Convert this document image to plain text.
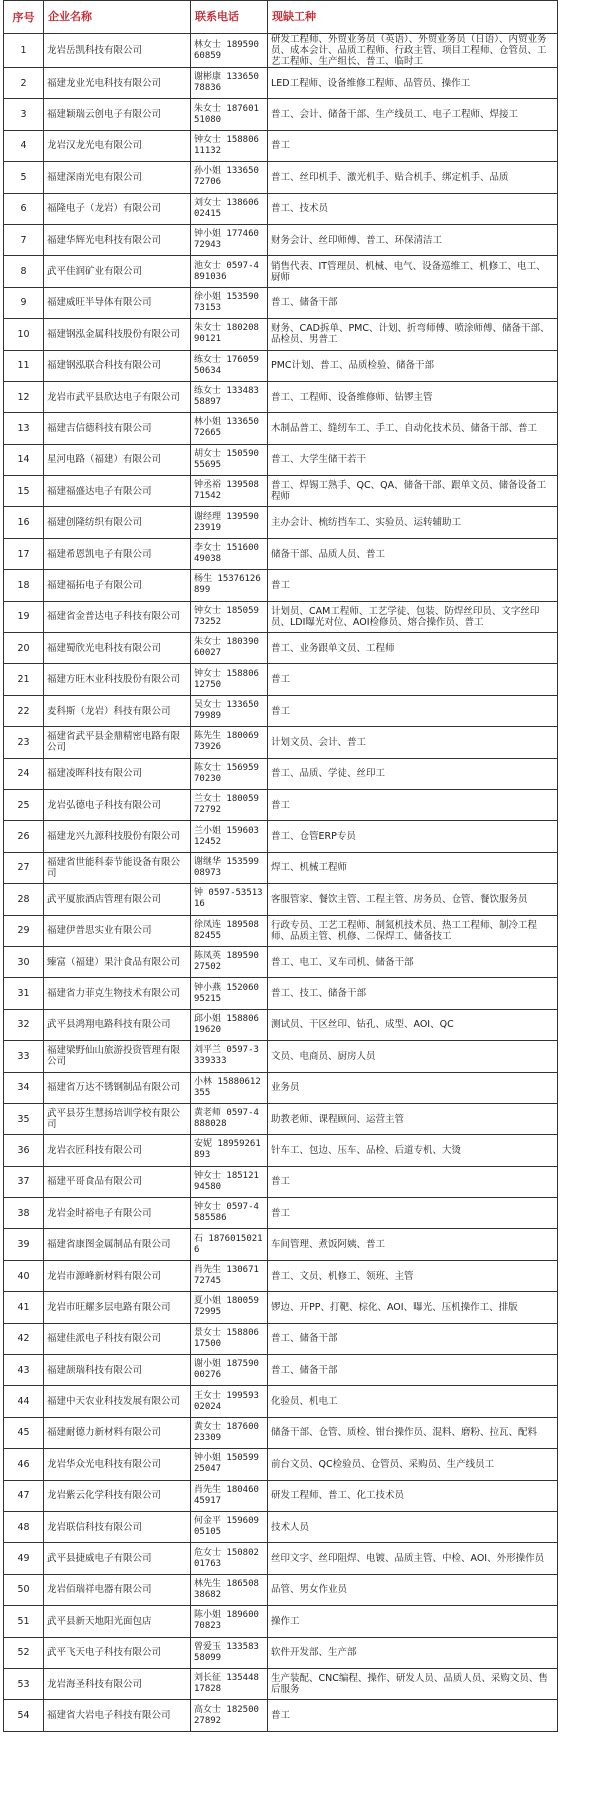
序号	企业名称	联系电话	现缺工种
1	龙岩岳凯科技有限公司	林女士 18959060859	研发工程师、外贸业务员（英语）、外贸业务员（日语）、内贸业务员、成本会计、品质工程师、行政主管、项目工程师、仓管员、工艺工程师、生产组长、普工、临时工
2	福建龙业光电科技有限公司	谢彬康 13365078836	LED工程师、设备维修工程师、品管员、操作工
3	福建颖瑞云创电子有限公司	朱女士 18760151080	普工、会计、储备干部、生产线员工、电子工程师、焊接工
4	龙岩汉龙光电有限公司	钟女士 15880611132	普工
5	福建深南光电有限公司	孙小姐 13365072706	普工、丝印机手、激光机手、贴合机手、绑定机手、品质
6	福隆电子（龙岩）有限公司	刘女士 13860602415	普工、技术员
7	福建华辉光电科技有限公司	钟小姐 17746072943	财务会计、丝印师傅、普工、环保清洁工
8	武平佳润矿业有限公司	池女士 0597-4891036	销售代表、IT管理员、机械、电气、设备巡维工、机修工、电工、厨师
9	福建威旺半导体有限公司	徐小姐 15359073153	普工、储备干部
10	福建钢泓金属科技股份有限公司	朱女士 18020890121	财务、CAD拆单、PMC、计划、折弯师傅、喷涂师傅、储备干部、品检员、男普工
11	福建钢泓联合科技有限公司	练女士 17605950634	PMC计划、普工、品质检验、储备干部
12	龙岩市武平县欣达电子有限公司	练女士 13348358897	普工、工程师、设备维修师、钻锣主管
13	福建吉信德科技有限公司	林小姐 13365072665	木制品普工、缝纫车工、手工、自动化技术员、储备干部、普工
14	星河电路（福建）有限公司	胡女士 15059055695	普工、大学生储干若干
15	福建福盛达电子有限公司	钟丞裕 13950871542	普工、焊锡工熟手、QC、QA、储备干部、跟单文员、储备设备工程师
16	福建创隆纺织有限公司	谢经理 13959023919	主办会计、梳纺挡车工、实验员、运转辅助工
17	福建希恩凯电子有限公司	李女士 15160049038	储备干部、品质人员、普工
18	福建福拓电子有限公司	杨生 15376126899	普工
19	福建省金普达电子科技有限公司	钟女士 18505973252	计划员、CAM工程师、工艺学徒、包装、防焊丝印员、文字丝印员、LDI曝光对位、AOI检修员、熔合操作员、普工
20	福建蜀欣光电科技有限公司	朱女士 18039060027	普工、业务跟单文员、工程师
21	福建方旺木业科技股份有限公司	钟女士 15880612750	普工
22	麦科斯（龙岩）科技有限公司	吴女士 13365079989	普工
23	福建省武平县金鼎精密电路有限公司	陈先生 18006973926	计划文员、会计、普工
24	福建凌晖科技有限公司	陈女士 15695970230	普工、品质、学徒、丝印工
25	龙岩弘德电子科技有限公司	兰女士 18005972792	普工
26	福建龙兴九源科技股份有限公司	兰小姐 15960312452	普工、仓管ERP专员
27	福建省世能科泰节能设备有限公司	谢继华 15359908973	焊工、机械工程师
28	武平厦旅酒店管理有限公司	钟 0597-5351316	客服管家、餐饮主管、工程主管、房务员、仓管、餐饮服务员
29	福建伊普思实业有限公司	徐凤连 18950882455	行政专员、工艺工程师、制氮机技术员、热工工程师、制冷工程师、品质主管、机修、二保焊工、储备技工
30	臻富（福建）果汁食品有限公司	陈凤英 18959027502	普工、电工、叉车司机、储备干部
31	福建省力菲克生物技术有限公司	钟小燕 15206095215	普工、技工、储备干部
32	武平县鸿翔电路科技有限公司	邱小姐 15880619620	测试员、干区丝印、钻孔、成型、AOI、QC
33	福建梁野仙山旅游投资管理有限公司	刘平兰 0597-3339333	文员、电商员、厨房人员
34	福建省万达不锈钢制品有限公司	小林 15880612355	业务员
35	武平县芬生慧扬培训学校有限公司	黄老师 0597-4888028	助教老师、课程顾问、运营主管
36	龙岩衣匠科技有限公司	安妮 18959261893	针车工、包边、压车、品检、后道专机、大烫
37	福建平哥食品有限公司	钟女士 18512194580	普工
38	龙岩金时裕电子有限公司	钟女士 0597-4585586	普工
39	福建省康图金属制品有限公司	石 18760150216	车间管理、煮饭阿姨、普工
40	龙岩市源峰新材料有限公司	肖先生 13067172745	普工、文员、机修工、领班、主管
41	龙岩市旺耀多层电路有限公司	夏小姐 18005972995	锣边、开PP、打靶、棕化、AOI、曝光、压机操作工、排版
42	福建佳派电子科技有限公司	景女士 15880617500	普工、储备干部
43	福建颉瑞科技有限公司	谢小姐 18759000276	普工、储备干部
44	福建中天农业科技发展有限公司	王女士 19959302024	化验员、机电工
45	福建耐德力新材料有限公司	黄女士 18760023309	储备干部、仓管、质检、钳台操作员、混料、磨粉、拉瓦、配料
46	龙岩华众光电科技有限公司	钟小姐 15059925047	前台文员、QC检验员、仓管员、采购员、生产线员工
47	龙岩紫云化学科技有限公司	肖先生 18046045917	研发工程师、普工、化工技术员
48	龙岩联信科技有限公司	何金平 15960905105	技术人员
49	武平县捷威电子有限公司	危女士 15080201763	丝印文字、丝印阻焊、电镀、品质主管、中检、AOI、外形操作员
50	龙岩佰瑞祥电器有限公司	林先生 18650838682	品管、男女作业员
51	武平县新天地阳光面包店	陈小姐 18960070823	操作工
52	武平飞天电子科技有限公司	曾爱玉 13358358099	软件开发部、生产部
53	龙岩海圣科技有限公司	刘长征 13544817828	生产装配、CNC编程、操作、研发人员、品质人员、采购文员、售后服务
54	福建省大岩电子科技有限公司	高女士 18250027892	普工
